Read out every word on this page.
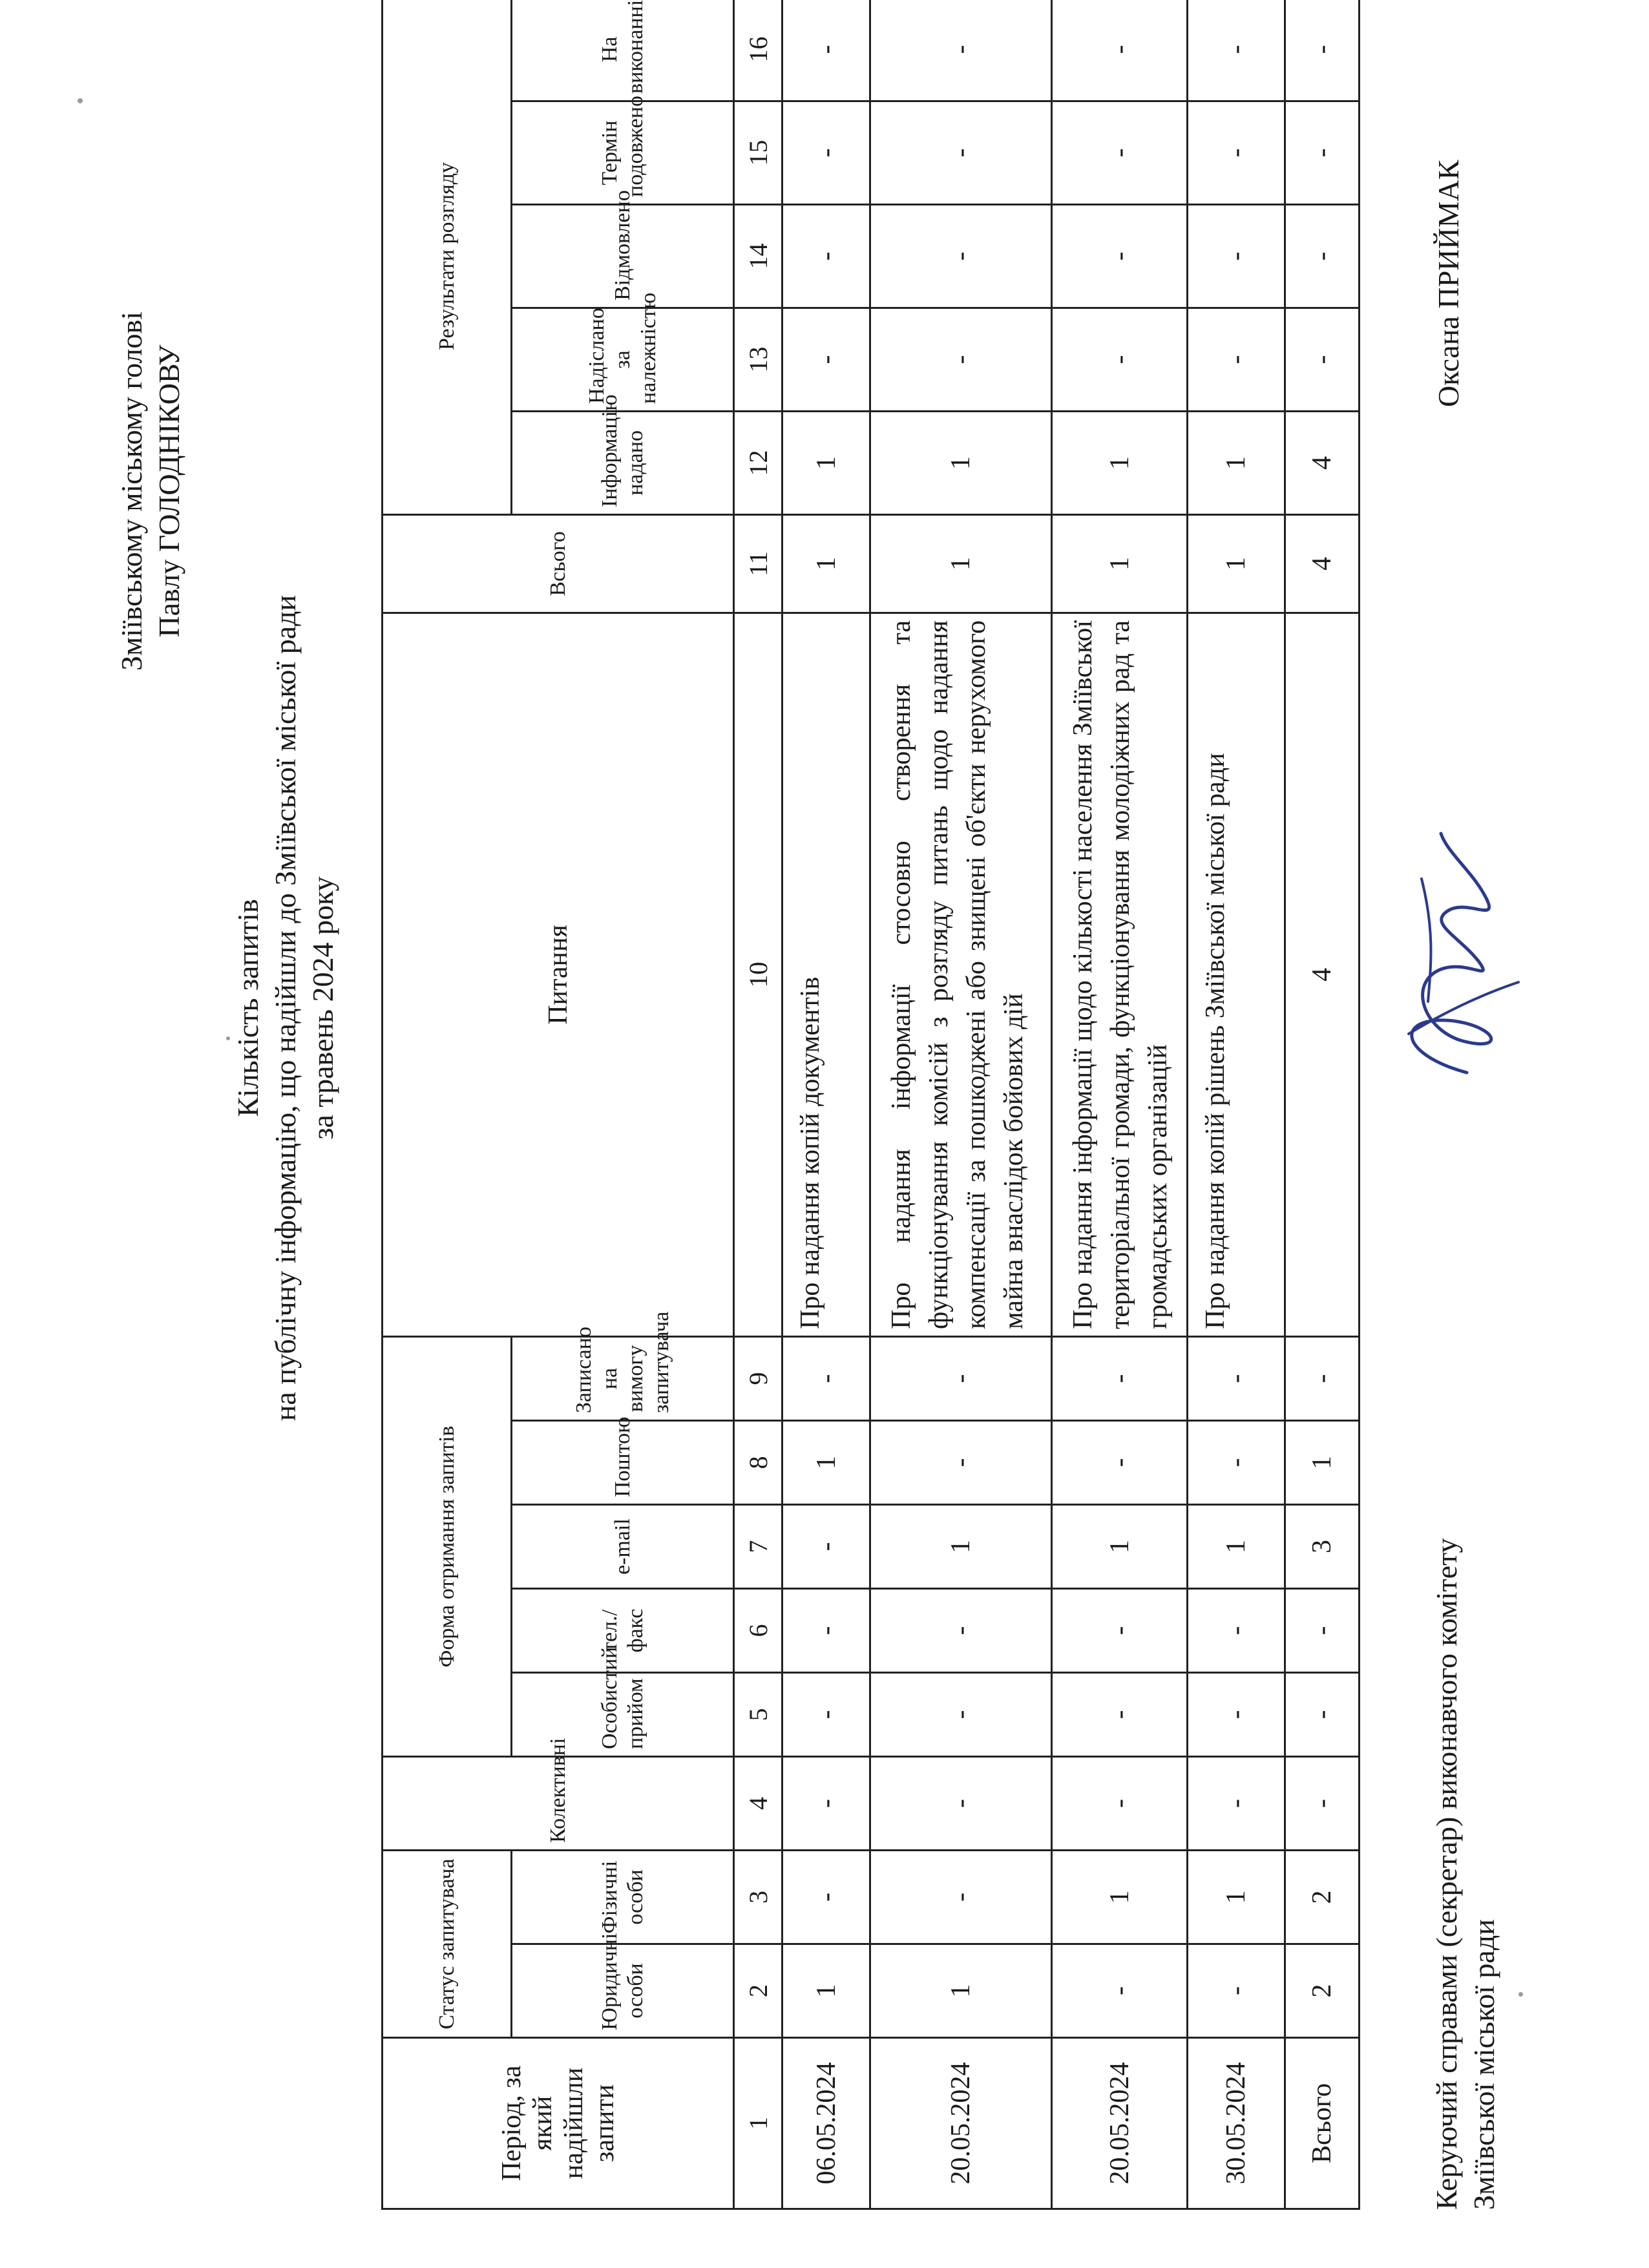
Зміївському міському голові Павлу ГОЛОДНІКОВУ
Кількість запитів на публічну інформацію, що надійшли до Зміївської міської ради за травень 2024 року
Період, за який надійшли запити	Статус запитувача		Колективні	Форма отримання запитів					Питання	Всього	Результати розгляду				
	Юридичні особи	Фізичні особи		Особистий прийом	тел./факс	e-mail	Поштою	Записано на вимогу запитувача			Інформацію надано	Надіслано за належністю	Відмовлено	Термін подовжено	На виконанні
1	2	3	4	5	6	7	8	9	10	11	12	13	14	15	16
06.05.2024	1	-	-	-	-	-	1	-	Про надання копій документів	1	1	-	-	-	-
20.05.2024	1	-	-	-	-	1	-	-	Про надання інформації стосовно створення та функціонування комісій з розгляду питань щодо надання компенсації за пошкоджені або знищені об'єкти нерухомого майна внаслідок бойових дій	1	1	-	-	-	-
20.05.2024	-	1	-	-	-	1	-	-	Про надання інформації щодо кількості населення Зміївської територіальної громади, функціонування молодіжних рад та громадських організацій	1	1	-	-	-	-
30.05.2024	-	1	-	-	-	1	-	-	Про надання копій рішень Зміївської міської ради	1	1	-	-	-	-
Всього	2	2	-	-	-	3	1	-	4	4	4	-	-	-	-
Керуючий справами (секретар) виконавчого комітету Зміївської міської ради
Оксана ПРИЙМАК
